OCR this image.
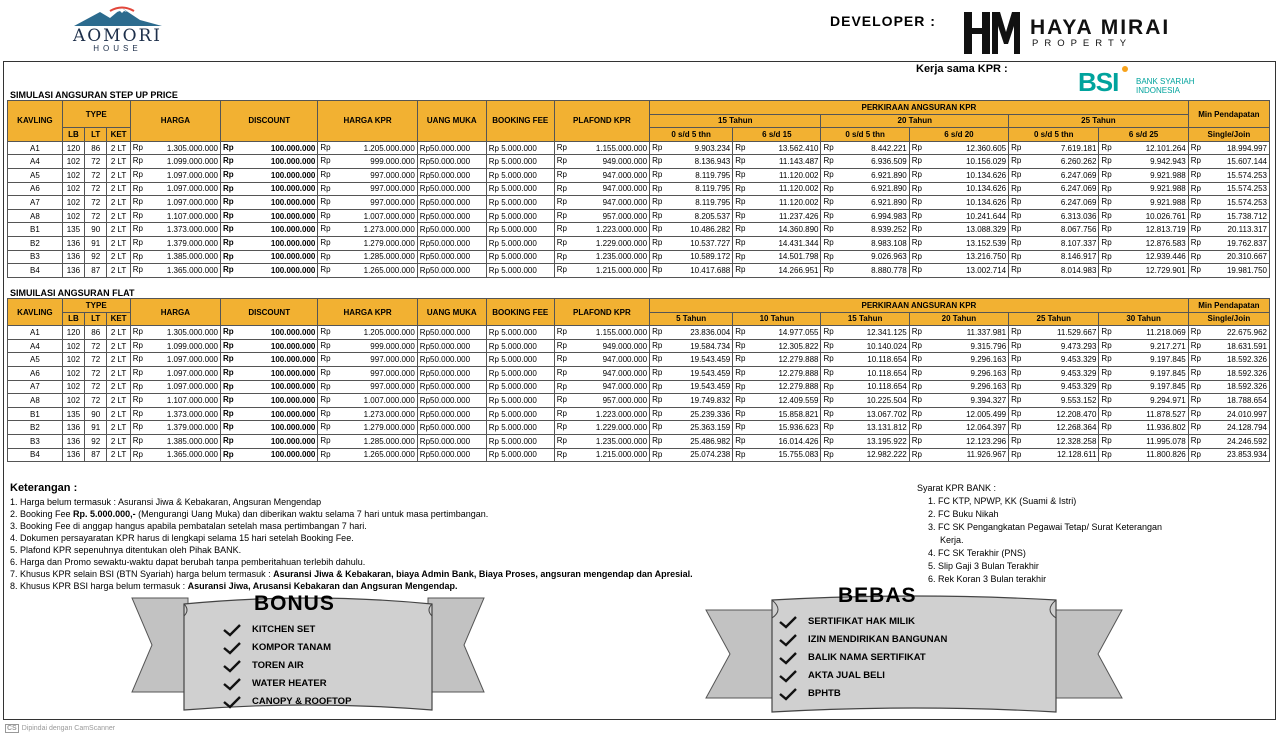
AOMORI
HOUSE
DEVELOPER :	HAYA MIRAI
PROPERTY
Kerja sama KPR :	BSI BANK SYARIAH
INDONESIA
SIMULASI ANGSURAN STEP UP PRICE
KAVLING	TYPE			HARGA	DISCOUNT	HARGA KPR	UANG MUKA	BOOKING FEE	PLAFOND KPR	PERKIRAAN ANGSURAN KPR						Min Pendapatan
										15 Tahun		20 Tahun		25 Tahun		
	LB	LT	KET							0 s/d 5 thn	6 s/d 15	0 s/d 5 thn	6 s/d 20	0 s/d 5 thn	6 s/d 25	Single/Join
A1	120	86	2 LT	Rp 1.305.000.000	Rp 100.000.000	Rp 1.205.000.000	Rp50.000.000	Rp 5.000.000	Rp 1.155.000.000	Rp 9.903.234	Rp 13.562.410	Rp 8.442.221	Rp 12.360.605	Rp 7.619.181	Rp 12.101.264	Rp 18.994.997

A4	102	72	2 LT	Rp 1.099.000.000	Rp 100.000.000	Rp 999.000.000	Rp50.000.000	Rp 5.000.000	Rp 949.000.000	Rp 8.136.943	Rp 11.143.487	Rp 6.936.509	Rp 10.156.029	Rp 6.260.262	Rp 9.942.943	Rp 15.607.144

A5	102	72	2 LT	Rp 1.097.000.000	Rp 100.000.000	Rp 997.000.000	Rp50.000.000	Rp 5.000.000	Rp 947.000.000	Rp 8.119.795	Rp 11.120.002	Rp 6.921.890	Rp 10.134.626	Rp 6.247.069	Rp 9.921.988	Rp 15.574.253

A6	102	72	2 LT	Rp 1.097.000.000	Rp 100.000.000	Rp 997.000.000	Rp50.000.000	Rp 5.000.000	Rp 947.000.000	Rp 8.119.795	Rp 11.120.002	Rp 6.921.890	Rp 10.134.626	Rp 6.247.069	Rp 9.921.988	Rp 15.574.253

A7	102	72	2 LT	Rp 1.097.000.000	Rp 100.000.000	Rp 997.000.000	Rp50.000.000	Rp 5.000.000	Rp 947.000.000	Rp 8.119.795	Rp 11.120.002	Rp 6.921.890	Rp 10.134.626	Rp 6.247.069	Rp 9.921.988	Rp 15.574.253

A8	102	72	2 LT	Rp 1.107.000.000	Rp 100.000.000	Rp 1.007.000.000	Rp50.000.000	Rp 5.000.000	Rp 957.000.000	Rp 8.205.537	Rp 11.237.426	Rp 6.994.983	Rp 10.241.644	Rp 6.313.036	Rp 10.026.761	Rp 15.738.712

B1	135	90	2 LT	Rp 1.373.000.000	Rp 100.000.000	Rp 1.273.000.000	Rp50.000.000	Rp 5.000.000	Rp 1.223.000.000	Rp 10.486.282	Rp 14.360.890	Rp 8.939.252	Rp 13.088.329	Rp 8.067.756	Rp 12.813.719	Rp 20.113.317

B2	136	91	2 LT	Rp 1.379.000.000	Rp 100.000.000	Rp 1.279.000.000	Rp50.000.000	Rp 5.000.000	Rp 1.229.000.000	Rp 10.537.727	Rp 14.431.344	Rp 8.983.108	Rp 13.152.539	Rp 8.107.337	Rp 12.876.583	Rp 19.762.837

B3	136	92	2 LT	Rp 1.385.000.000	Rp 100.000.000	Rp 1.285.000.000	Rp50.000.000	Rp 5.000.000	Rp 1.235.000.000	Rp 10.589.172	Rp 14.501.798	Rp 9.026.963	Rp 13.216.750	Rp 8.146.917	Rp 12.939.446	Rp 20.310.667

B4	136	87	2 LT	Rp 1.365.000.000	Rp 100.000.000	Rp 1.265.000.000	Rp50.000.000	Rp 5.000.000	Rp 1.215.000.000	Rp 10.417.688	Rp 14.266.951	Rp 8.880.778	Rp 13.002.714	Rp 8.014.983	Rp 12.729.901	Rp 19.981.750
SIMUILASI ANGSURAN FLAT
KAVLING	TYPE			HARGA	DISCOUNT	HARGA KPR	UANG MUKA	BOOKING FEE	PLAFOND KPR	PERKIRAAN ANGSURAN KPR						Min Pendapatan
										5 Tahun	10 Tahun	15 Tahun	20 Tahun	25 Tahun	30 Tahun	
	LB	LT	KET													Single/Join
A1	120	86	2 LT	Rp 1.305.000.000	Rp 100.000.000	Rp 1.205.000.000	Rp50.000.000	Rp 5.000.000	Rp 1.155.000.000	Rp 23.836.004	Rp 14.977.055	Rp 12.341.125	Rp 11.337.981	Rp 11.529.667	Rp 11.218.069	Rp 22.675.962

A4	102	72	2 LT	Rp 1.099.000.000	Rp 100.000.000	Rp 999.000.000	Rp50.000.000	Rp 5.000.000	Rp 949.000.000	Rp 19.584.734	Rp 12.305.822	Rp 10.140.024	Rp 9.315.796	Rp 9.473.293	Rp 9.217.271	Rp 18.631.591

A5	102	72	2 LT	Rp 1.097.000.000	Rp 100.000.000	Rp 997.000.000	Rp50.000.000	Rp 5.000.000	Rp 947.000.000	Rp 19.543.459	Rp 12.279.888	Rp 10.118.654	Rp 9.296.163	Rp 9.453.329	Rp 9.197.845	Rp 18.592.326

A6	102	72	2 LT	Rp 1.097.000.000	Rp 100.000.000	Rp 997.000.000	Rp50.000.000	Rp 5.000.000	Rp 947.000.000	Rp 19.543.459	Rp 12.279.888	Rp 10.118.654	Rp 9.296.163	Rp 9.453.329	Rp 9.197.845	Rp 18.592.326

A7	102	72	2 LT	Rp 1.097.000.000	Rp 100.000.000	Rp 997.000.000	Rp50.000.000	Rp 5.000.000	Rp 947.000.000	Rp 19.543.459	Rp 12.279.888	Rp 10.118.654	Rp 9.296.163	Rp 9.453.329	Rp 9.197.845	Rp 18.592.326

A8	102	72	2 LT	Rp 1.107.000.000	Rp 100.000.000	Rp 1.007.000.000	Rp50.000.000	Rp 5.000.000	Rp 957.000.000	Rp 19.749.832	Rp 12.409.559	Rp 10.225.504	Rp 9.394.327	Rp 9.553.152	Rp 9.294.971	Rp 18.788.654

B1	135	90	2 LT	Rp 1.373.000.000	Rp 100.000.000	Rp 1.273.000.000	Rp50.000.000	Rp 5.000.000	Rp 1.223.000.000	Rp 25.239.336	Rp 15.858.821	Rp 13.067.702	Rp 12.005.499	Rp 12.208.470	Rp 11.878.527	Rp 24.010.997

B2	136	91	2 LT	Rp 1.379.000.000	Rp 100.000.000	Rp 1.279.000.000	Rp50.000.000	Rp 5.000.000	Rp 1.229.000.000	Rp 25.363.159	Rp 15.936.623	Rp 13.131.812	Rp 12.064.397	Rp 12.268.364	Rp 11.936.802	Rp 24.128.794

B3	136	92	2 LT	Rp 1.385.000.000	Rp 100.000.000	Rp 1.285.000.000	Rp50.000.000	Rp 5.000.000	Rp 1.235.000.000	Rp 25.486.982	Rp 16.014.426	Rp 13.195.922	Rp 12.123.296	Rp 12.328.258	Rp 11.995.078	Rp 24.246.592

B4	136	87	2 LT	Rp 1.365.000.000	Rp 100.000.000	Rp 1.265.000.000	Rp50.000.000	Rp 5.000.000	Rp 1.215.000.000	Rp 25.074.238	Rp 15.755.083	Rp 12.982.222	Rp 11.926.967	Rp 12.128.611	Rp 11.800.826	Rp 23.853.934
Keterangan :
1. Harga belum termasuk : Asuransi Jiwa & Kebakaran, Angsuran Mengendap
2. Booking Fee Rp. 5.000.000,- (Mengurangi Uang Muka) dan diberikan waktu selama 7 hari untuk masa pertimbangan.
3. Booking Fee di anggap hangus apabila pembatalan setelah masa pertimbangan 7 hari.
4. Dokumen persayaratan KPR harus di lengkapi selama 15 hari setelah Booking Fee.
5. Plafond KPR sepenuhnya ditentukan oleh Pihak BANK.
6. Harga dan Promo sewaktu-waktu dapat berubah tanpa pemberitahuan terlebih dahulu.
7. Khusus KPR selain BSI (BTN Syariah) harga belum termasuk : Asuransi Jiwa & Kebakaran, biaya Admin Bank, Biaya Proses, angsuran mengendap dan Apresial.
8. Khusus KPR BSI harga belum termasuk : Asuransi Jiwa, Arusansi Kebakaran dan Angsuran Mengendap.
Syarat KPR BANK :
1. FC KTP, NPWP, KK (Suami & Istri)
2. FC Buku Nikah
3. FC SK Pengangkatan Pegawai Tetap/ Surat Keterangan
Kerja.
4. FC SK Terakhir (PNS)
5. Slip Gaji 3 Bulan Terakhir
6. Rek Koran 3 Bulan terakhir
BONUS
KITCHEN SET
KOMPOR TANAM
TOREN AIR
WATER HEATER
CANOPY & ROOFTOP
BEBAS
SERTIFIKAT HAK MILIK
IZIN MENDIRIKAN BANGUNAN
BALIK NAMA SERTIFIKAT
AKTA JUAL BELI
BPHTB
CS Dipindai dengan CamScanner
